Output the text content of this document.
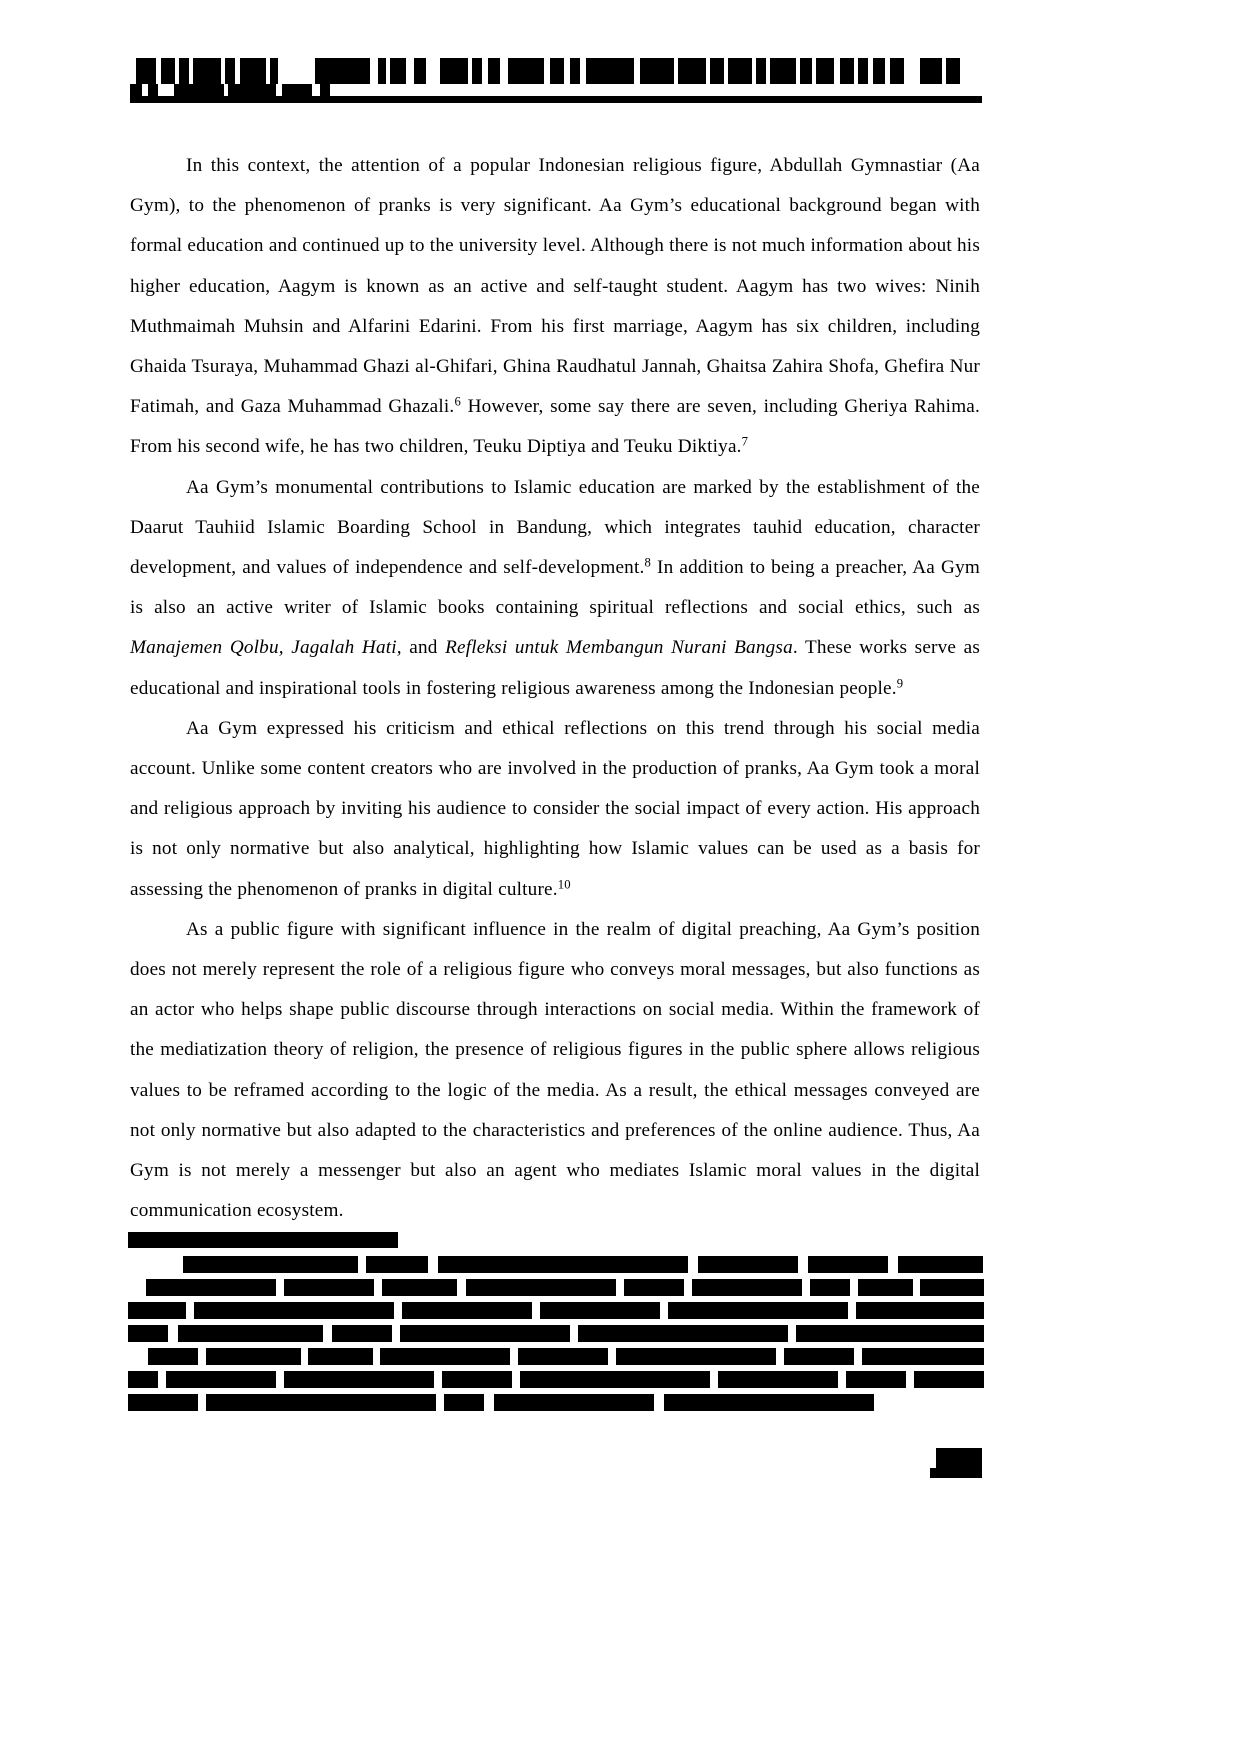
In this context, the attention of a popular Indonesian religious figure, Abdullah Gymnastiar (Aa Gym), to the phenomenon of pranks is very significant. Aa Gym’s educational background began with formal education and continued up to the university level. Although there is not much information about his higher education, Aagym is known as an active and self-taught student. Aagym has two wives: Ninih Muthmaimah Muhsin and Alfarini Edarini. From his first marriage, Aagym has six children, including Ghaida Tsuraya, Muhammad Ghazi al-Ghifari, Ghina Raudhatul Jannah, Ghaitsa Zahira Shofa, Ghefira Nur Fatimah, and Gaza Muhammad Ghazali.$^6$ However, some say there are seven, including Gheriya Rahima. From his second wife, he has two children, Teuku Diptiya and Teuku Diktiya.$^7$

Aa Gym’s monumental contributions to Islamic education are marked by the establishment of the Daarut Tauhiid Islamic Boarding School in Bandung, which integrates tauhid education, character development, and values of independence and self-development.$^8$ In addition to being a preacher, Aa Gym is also an active writer of Islamic books containing spiritual reflections and social ethics, such as Manajemen Qolbu, Jagalah Hati, and Refleksi untuk Membangun Nurani Bangsa. These works serve as educational and inspirational tools in fostering religious awareness among the Indonesian people.$^9$

Aa Gym expressed his criticism and ethical reflections on this trend through his social media account. Unlike some content creators who are involved in the production of pranks, Aa Gym took a moral and religious approach by inviting his audience to consider the social impact of every action. His approach is not only normative but also analytical, highlighting how Islamic values can be used as a basis for assessing the phenomenon of pranks in digital culture.$^{10}$

As a public figure with significant influence in the realm of digital preaching, Aa Gym’s position does not merely represent the role of a religious figure who conveys moral messages, but also functions as an actor who helps shape public discourse through interactions on social media. Within the framework of the mediatization theory of religion, the presence of religious figures in the public sphere allows religious values to be reframed according to the logic of the media. As a result, the ethical messages conveyed are not only normative but also adapted to the characteristics and preferences of the online audience. Thus, Aa Gym is not merely a messenger but also an agent who mediates Islamic moral values in the digital communication ecosystem.
